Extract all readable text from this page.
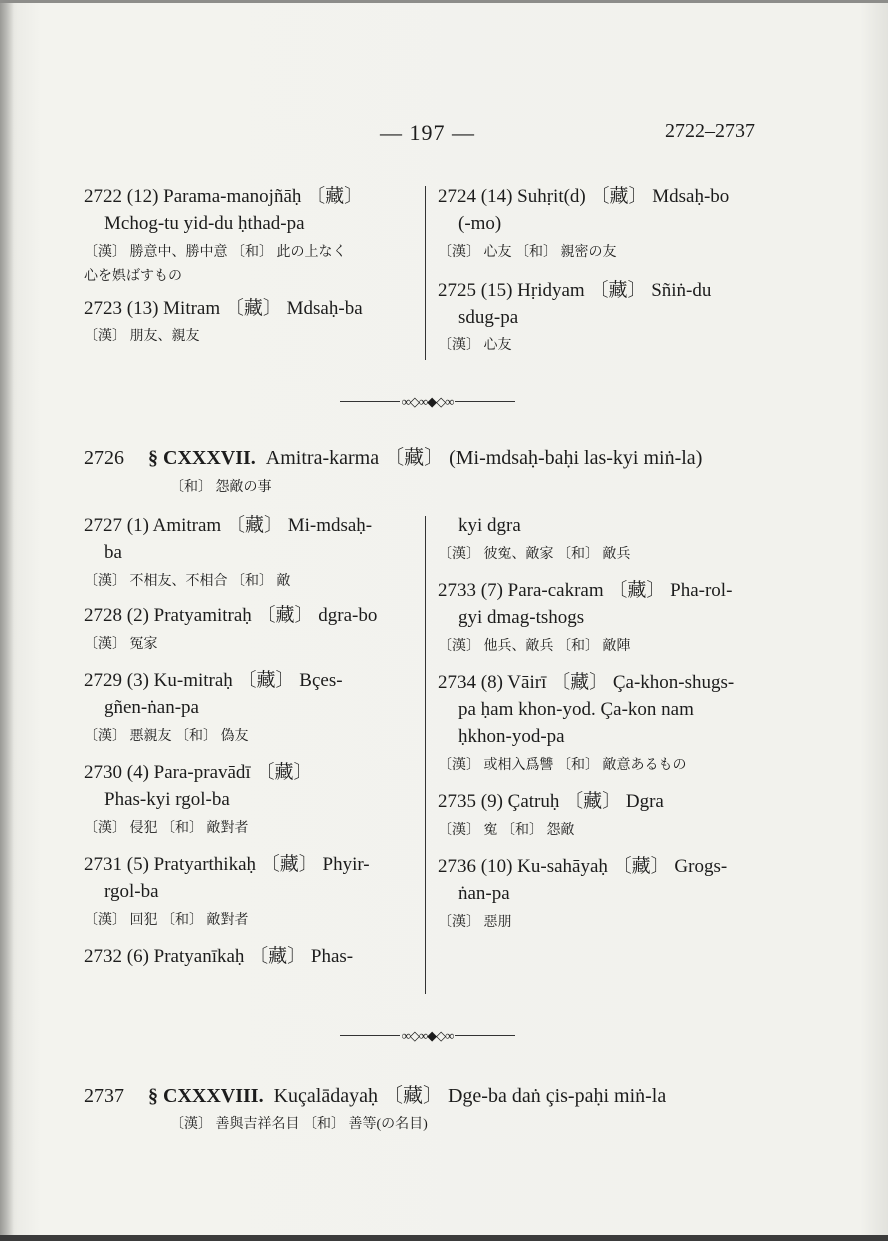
— 197 —	2722–2737

2722 (12) Parama-manojñāḥ 〔藏〕

Mchog-tu yid-du ḥthad-pa

〔漢〕 勝意中、勝中意 〔和〕 此の上なく

心を娯ばすもの

2723 (13) Mitram 〔藏〕 Mdsaḥ-ba

〔漢〕 朋友、親友

2724 (14) Suhṛit(d) 〔藏〕 Mdsaḥ-bo

(-mo)

〔漢〕 心友 〔和〕 親密の友

2725 (15) Hṛidyam 〔藏〕 Sñiṅ-du

sdug-pa

〔漢〕 心友

∞◇∞◆◇∞
2726 § CXXXVII. Amitra-karma 〔藏〕 (Mi-mdsaḥ-baḥi las-kyi miṅ-la)
〔和〕 怨敵の事

2727 (1) Amitram 〔藏〕 Mi-mdsaḥ-

ba

〔漢〕 不相友、不相合 〔和〕 敵

2728 (2) Pratyamitraḥ 〔藏〕 dgra-bo

〔漢〕 冤家

2729 (3) Ku-mitraḥ 〔藏〕 Bçes-

gñen-ṅan-pa

〔漢〕 悪親友 〔和〕 偽友

2730 (4) Para-pravādī 〔藏〕

Phas-kyi rgol-ba

〔漢〕 侵犯 〔和〕 敵對者

2731 (5) Pratyarthikaḥ 〔藏〕 Phyir-

rgol-ba

〔漢〕 回犯 〔和〕 敵對者

2732 (6) Pratyanīkaḥ 〔藏〕 Phas-

kyi dgra

〔漢〕 彼寃、敵家 〔和〕 敵兵

2733 (7) Para-cakram 〔藏〕 Pha-rol-

gyi dmag-tshogs

〔漢〕 他兵、敵兵 〔和〕 敵陣

2734 (8) Vāirī 〔藏〕 Ça-khon-shugs-

pa ḥam khon-yod. Ça-kon nam

ḥkhon-yod-pa

〔漢〕 或相入爲讐 〔和〕 敵意あるもの

2735 (9) Çatruḥ 〔藏〕 Dgra

〔漢〕 寃 〔和〕 怨敵

2736 (10) Ku-sahāyaḥ 〔藏〕 Grogs-

ṅan-pa

〔漢〕 惡朋

∞◇∞◆◇∞
2737 § CXXXVIII. Kuçalādayaḥ 〔藏〕 Dge-ba daṅ çis-paḥi miṅ-la
〔漢〕 善與吉祥名目 〔和〕 善等(の名目)
